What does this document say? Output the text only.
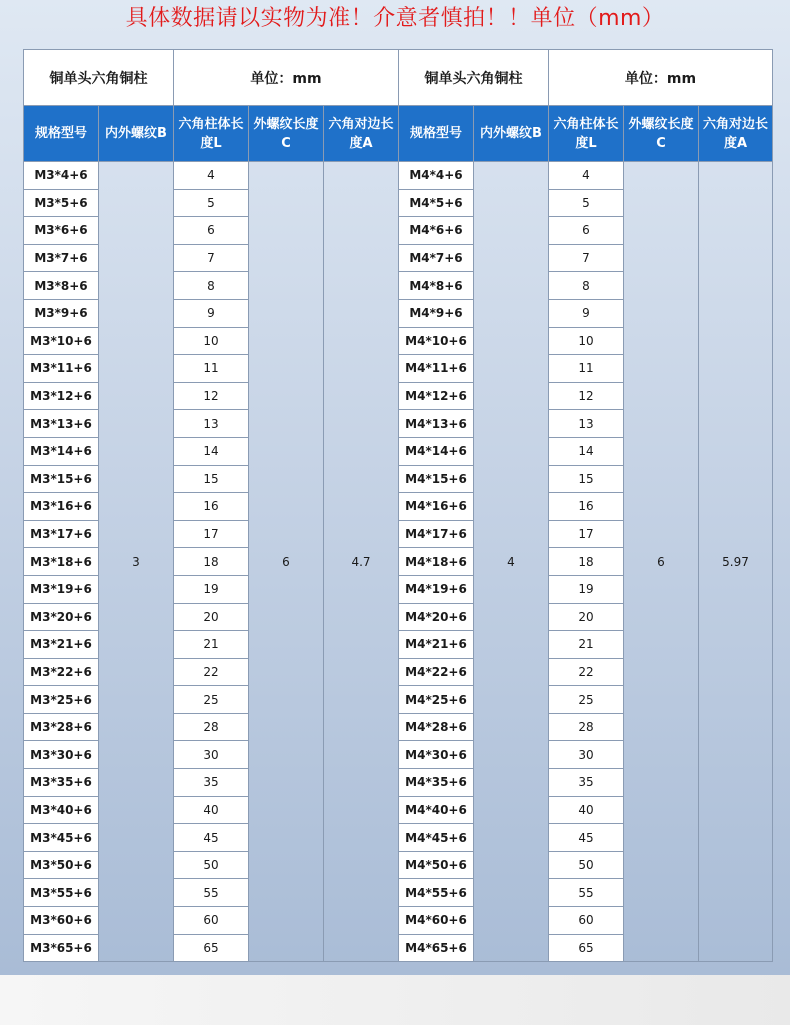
具体数据请以实物为准！介意者慎拍！！单位（mm）
铜单头六角铜柱		单位：mm			铜单头六角铜柱		单位：mm		
规格型号	内外螺纹B	六角柱体长度L	外螺纹长度C	六角对边长度A	规格型号	内外螺纹B	六角柱体长度L	外螺纹长度C	六角对边长度A
M3*4+6	3	4	6	4.7	M4*4+6	4	4	6	5.97
M3*5+6		5			M4*5+6		5		
M3*6+6		6			M4*6+6		6		
M3*7+6		7			M4*7+6		7		
M3*8+6		8			M4*8+6		8		
M3*9+6		9			M4*9+6		9		
M3*10+6		10			M4*10+6		10		
M3*11+6		11			M4*11+6		11		
M3*12+6		12			M4*12+6		12		
M3*13+6		13			M4*13+6		13		
M3*14+6		14			M4*14+6		14		
M3*15+6		15			M4*15+6		15		
M3*16+6		16			M4*16+6		16		
M3*17+6		17			M4*17+6		17		
M3*18+6		18			M4*18+6		18		
M3*19+6		19			M4*19+6		19		
M3*20+6		20			M4*20+6		20		
M3*21+6		21			M4*21+6		21		
M3*22+6		22			M4*22+6		22		
M3*25+6		25			M4*25+6		25		
M3*28+6		28			M4*28+6		28		
M3*30+6		30			M4*30+6		30		
M3*35+6		35			M4*35+6		35		
M3*40+6		40			M4*40+6		40		
M3*45+6		45			M4*45+6		45		
M3*50+6		50			M4*50+6		50		
M3*55+6		55			M4*55+6		55		
M3*60+6		60			M4*60+6		60		
M3*65+6		65			M4*65+6		65		
